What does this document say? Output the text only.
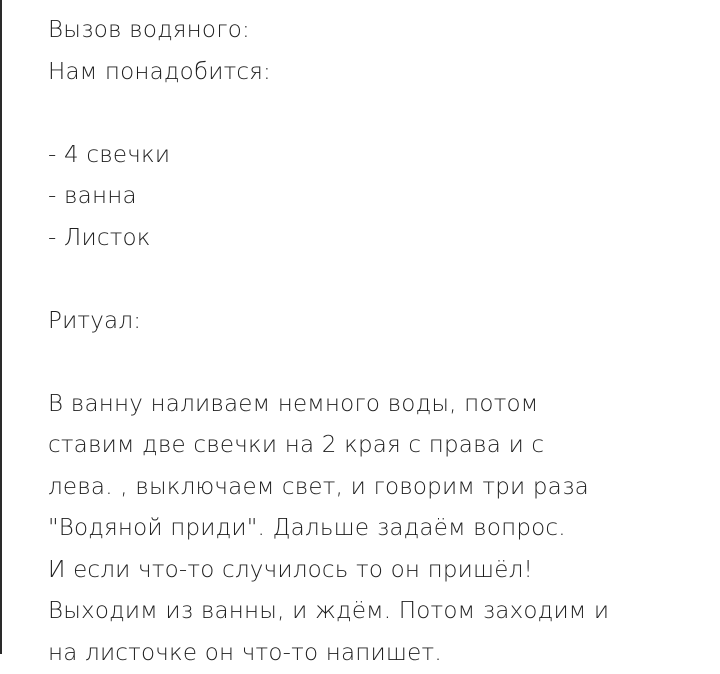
Вызов водяного:
Нам понадобится:
- 4 свечки
- ванна
- Листок
Ритуал:
В ванну наливаем немного воды, потом
ставим две свечки на 2 края с права и с
лева. , выключаем свет, и говорим три раза
"Водяной приди". Дальше задаём вопрос.
И если что-то случилось то он пришёл!
Выходим из ванны, и ждём. Потом заходим и
на листочке он что-то напишет.
